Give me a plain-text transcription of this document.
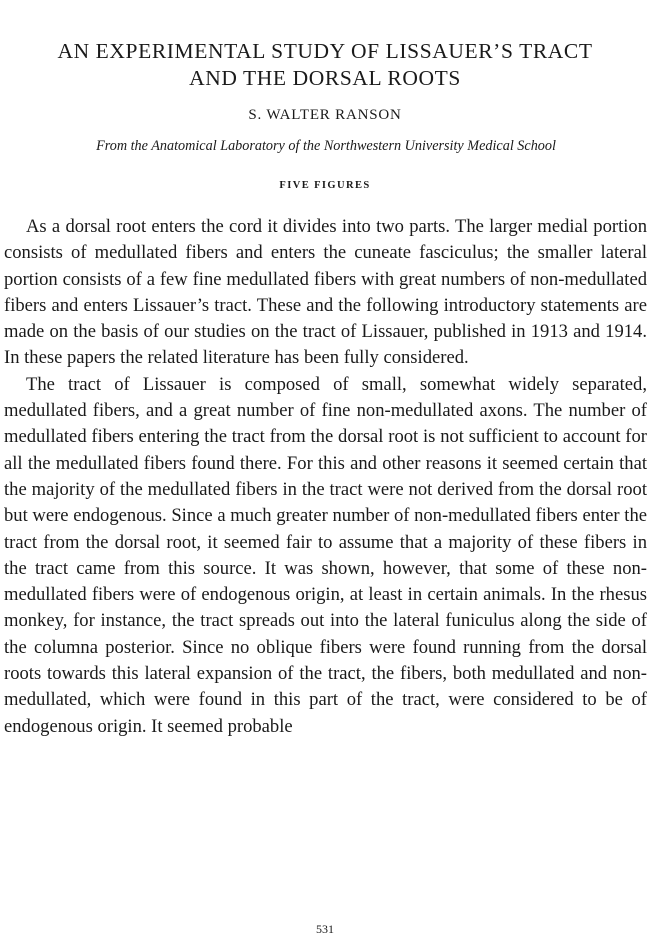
AN EXPERIMENTAL STUDY OF LISSAUER’S TRACT
AND THE DORSAL ROOTS
S. WALTER RANSON
From the Anatomical Laboratory of the Northwestern University Medical School
FIVE FIGURES

As a dorsal root enters the cord it divides into two parts. The larger medial portion consists of medullated fibers and enters the cuneate fasciculus; the smaller lateral portion consists of a few fine medullated fibers with great numbers of non-medullated fibers and enters Lissauer’s tract. These and the following introductory statements are made on the basis of our studies on the tract of Lissauer, published in 1913 and 1914. In these papers the related literature has been fully considered.

The tract of Lissauer is composed of small, somewhat widely separated, medullated fibers, and a great number of fine non-medullated axons. The number of medullated fibers entering the tract from the dorsal root is not sufficient to account for all the medullated fibers found there. For this and other reasons it seemed certain that the majority of the medullated fibers in the tract were not derived from the dorsal root but were endogenous. Since a much greater number of non-medullated fibers enter the tract from the dorsal root, it seemed fair to assume that a majority of these fibers in the tract came from this source. It was shown, however, that some of these non-medullated fibers were of endogenous origin, at least in certain animals. In the rhesus monkey, for instance, the tract spreads out into the lateral funiculus along the side of the columna posterior. Since no oblique fibers were found running from the dorsal roots towards this lateral expansion of the tract, the fibers, both medullated and non-medullated, which were found in this part of the tract, were considered to be of endogenous origin. It seemed probable

531
